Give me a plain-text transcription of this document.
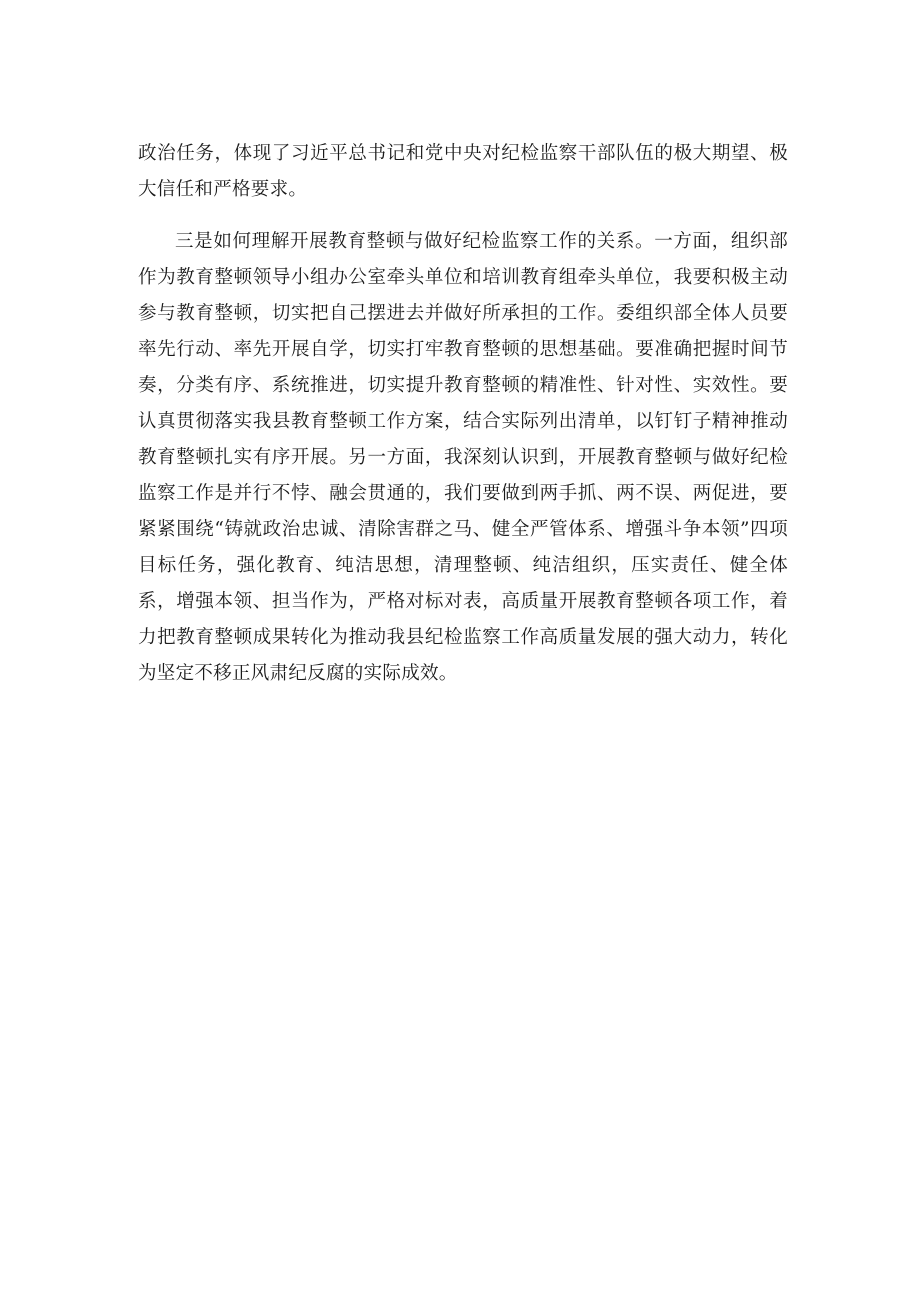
政治任务，体现了习近平总书记和党中央对纪检监察干部队伍的极大期望、极大信任和严格要求。

三是如何理解开展教育整顿与做好纪检监察工作的关系。一方面，组织部作为教育整顿领导小组办公室牵头单位和培训教育组牵头单位，我要积极主动参与教育整顿，切实把自己摆进去并做好所承担的工作。委组织部全体人员要率先行动、率先开展自学，切实打牢教育整顿的思想基础。要准确把握时间节奏，分类有序、系统推进，切实提升教育整顿的精准性、针对性、实效性。要认真贯彻落实我县教育整顿工作方案，结合实际列出清单，以钉钉子精神推动教育整顿扎实有序开展。另一方面，我深刻认识到，开展教育整顿与做好纪检监察工作是并行不悖、融会贯通的，我们要做到两手抓、两不误、两促进，要紧紧围绕“铸就政治忠诚、清除害群之马、健全严管体系、增强斗争本领”四项目标任务，强化教育、纯洁思想，清理整顿、纯洁组织，压实责任、健全体系，增强本领、担当作为，严格对标对表，高质量开展教育整顿各项工作，着力把教育整顿成果转化为推动我县纪检监察工作高质量发展的强大动力，转化为坚定不移正风肃纪反腐的实际成效。
